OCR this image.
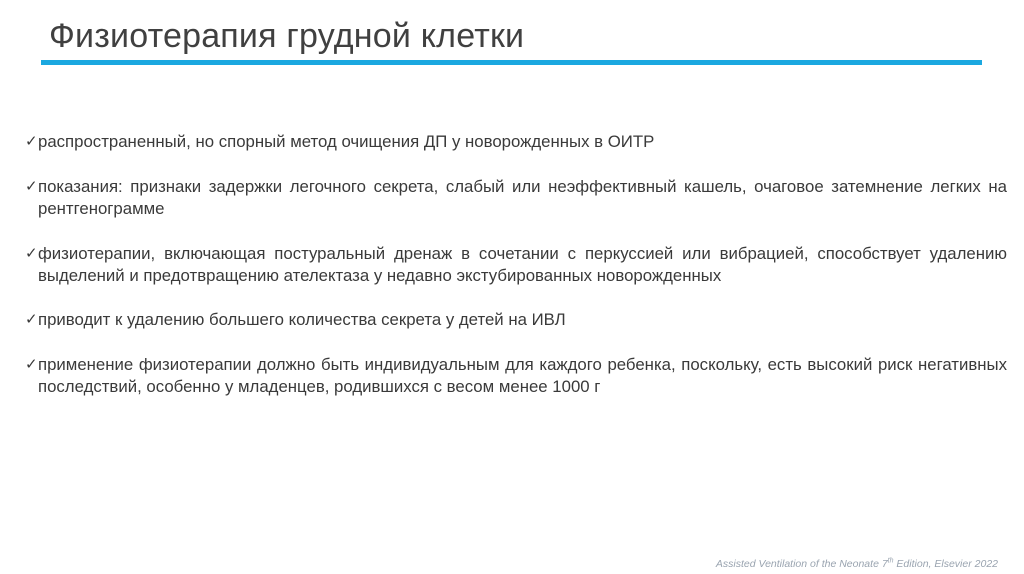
Физиотерапия грудной клетки
✓ распространенный, но спорный метод очищения ДП у новорожденных в ОИТР
✓ показания: признаки задержки легочного секрета, слабый или неэффективный кашель, очаговое затемнение легких на рентгенограмме
✓ физиотерапии, включающая постуральный дренаж в сочетании с перкуссией или вибрацией, способствует удалению выделений и предотвращению ателектаза у недавно экстубированных новорожденных
✓ приводит к удалению большего количества секрета у детей на ИВЛ
✓ применение физиотерапии должно быть индивидуальным для каждого ребенка, поскольку, есть высокий риск негативных последствий, особенно у младенцев, родившихся с весом менее 1000 г
Assisted Ventilation of the Neonate 7th Edition, Elsevier 2022
